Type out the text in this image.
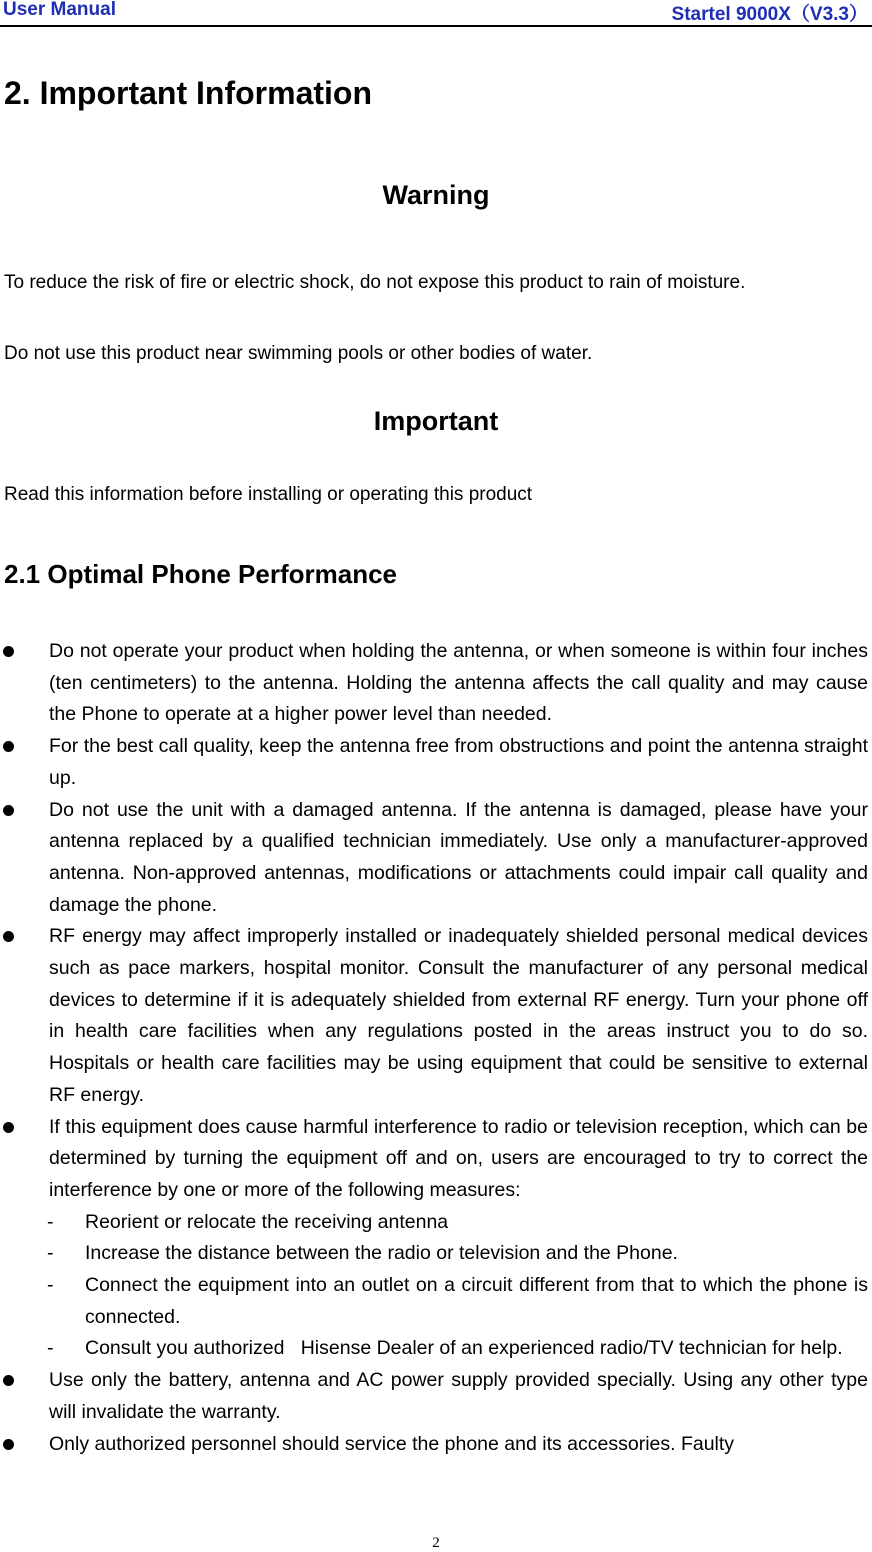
User Manual	Startel 9000X（V3.3）
2. Important Information
Warning

To reduce the risk of fire or electric shock, do not expose this product to rain of moisture.

Do not use this product near swimming pools or other bodies of water.

Important

Read this information before installing or operating this product

2.1 Optimal Phone Performance
Do not operate your product when holding the antenna, or when someone is within four inches (ten centimeters) to the antenna. Holding the antenna affects the call quality and may cause the Phone to operate at a higher power level than needed.
For the best call quality, keep the antenna free from obstructions and point the antenna straight up.
Do not use the unit with a damaged antenna. If the antenna is damaged, please have your antenna replaced by a qualified technician immediately. Use only a manufacturer-approved antenna. Non-approved antennas, modifications or attachments could impair call quality and damage the phone.
RF energy may affect improperly installed or inadequately shielded personal medical devices such as pace markers, hospital monitor. Consult the manufacturer of any personal medical devices to determine if it is adequately shielded from external RF energy. Turn your phone off in health care facilities when any regulations posted in the areas instruct you to do so. Hospitals or health care facilities may be using equipment that could be sensitive to external RF energy.
If this equipment does cause harmful interference to radio or television reception, which can be determined by turning the equipment off and on, users are encouraged to try to correct the interference by one or more of the following measures:
- Reorient or relocate the receiving antenna
- Increase the distance between the radio or television and the Phone.
- Connect the equipment into an outlet on a circuit different from that to which the phone is connected.
- Consult you authorized   Hisense Dealer of an experienced radio/TV technician for help.
Use only the battery, antenna and AC power supply provided specially. Using any other type will invalidate the warranty.
Only authorized personnel should service the phone and its accessories. Faulty
2
